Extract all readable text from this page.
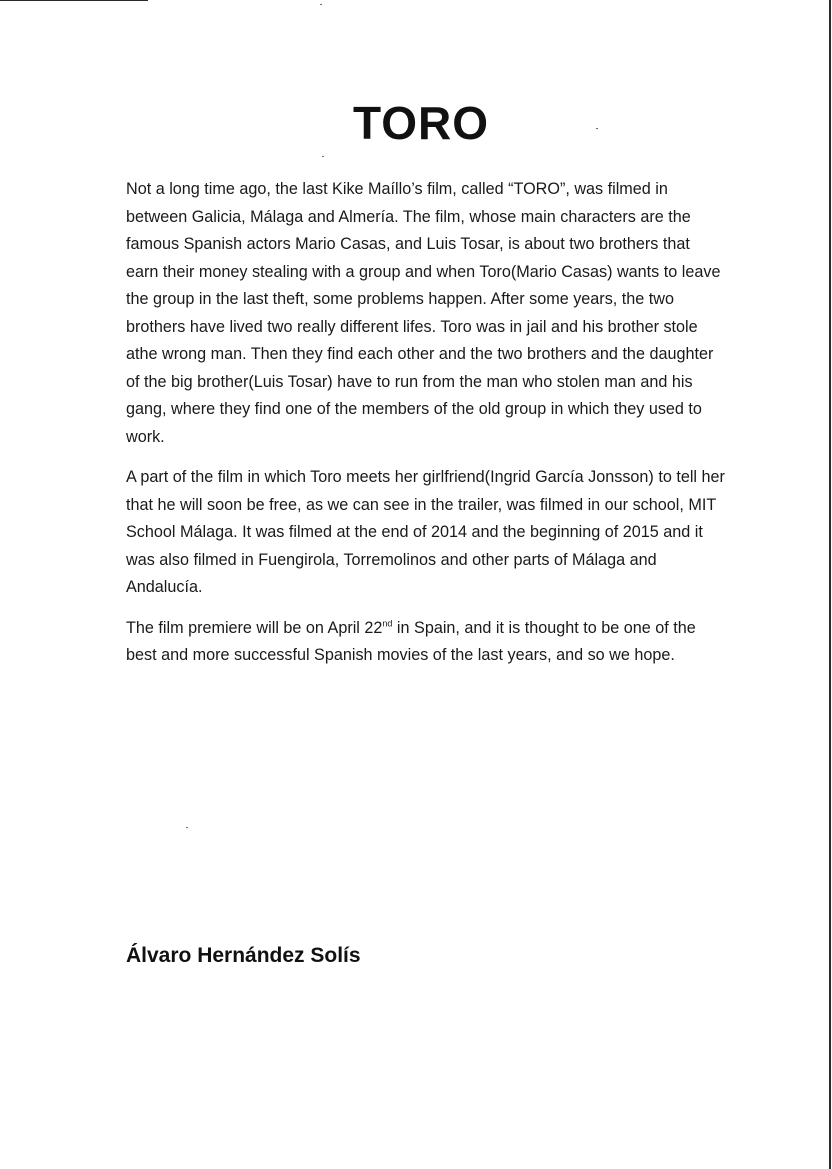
TORO

Not a long time ago, the last Kike Maíllo’s film, called “TORO”, was filmed in between Galicia, Málaga and Almería. The film, whose main characters are the famous Spanish actors Mario Casas, and Luis Tosar, is about two brothers that earn their money stealing with a group and when Toro(Mario Casas) wants to leave the group in the last theft, some problems happen. After some years, the two brothers have lived two really different lifes. Toro was in jail and his brother stole athe wrong man. Then they find each other and the two brothers and the daughter of the big brother(Luis Tosar) have to run from the man who stolen man and his gang, where they find one of the members of the old group in which they used to work.

A part of the film in which Toro meets her girlfriend(Ingrid García Jonsson) to tell her that he will soon be free, as we can see in the trailer, was filmed in our school, MIT School Málaga. It was filmed at the end of 2014 and the beginning of 2015 and it was also filmed in Fuengirola, Torremolinos and other parts of Málaga and Andalucía.

The film premiere will be on April 22nd in Spain, and it is thought to be one of the best and more successful Spanish movies of the last years, and so we hope.

Álvaro Hernández Solís
